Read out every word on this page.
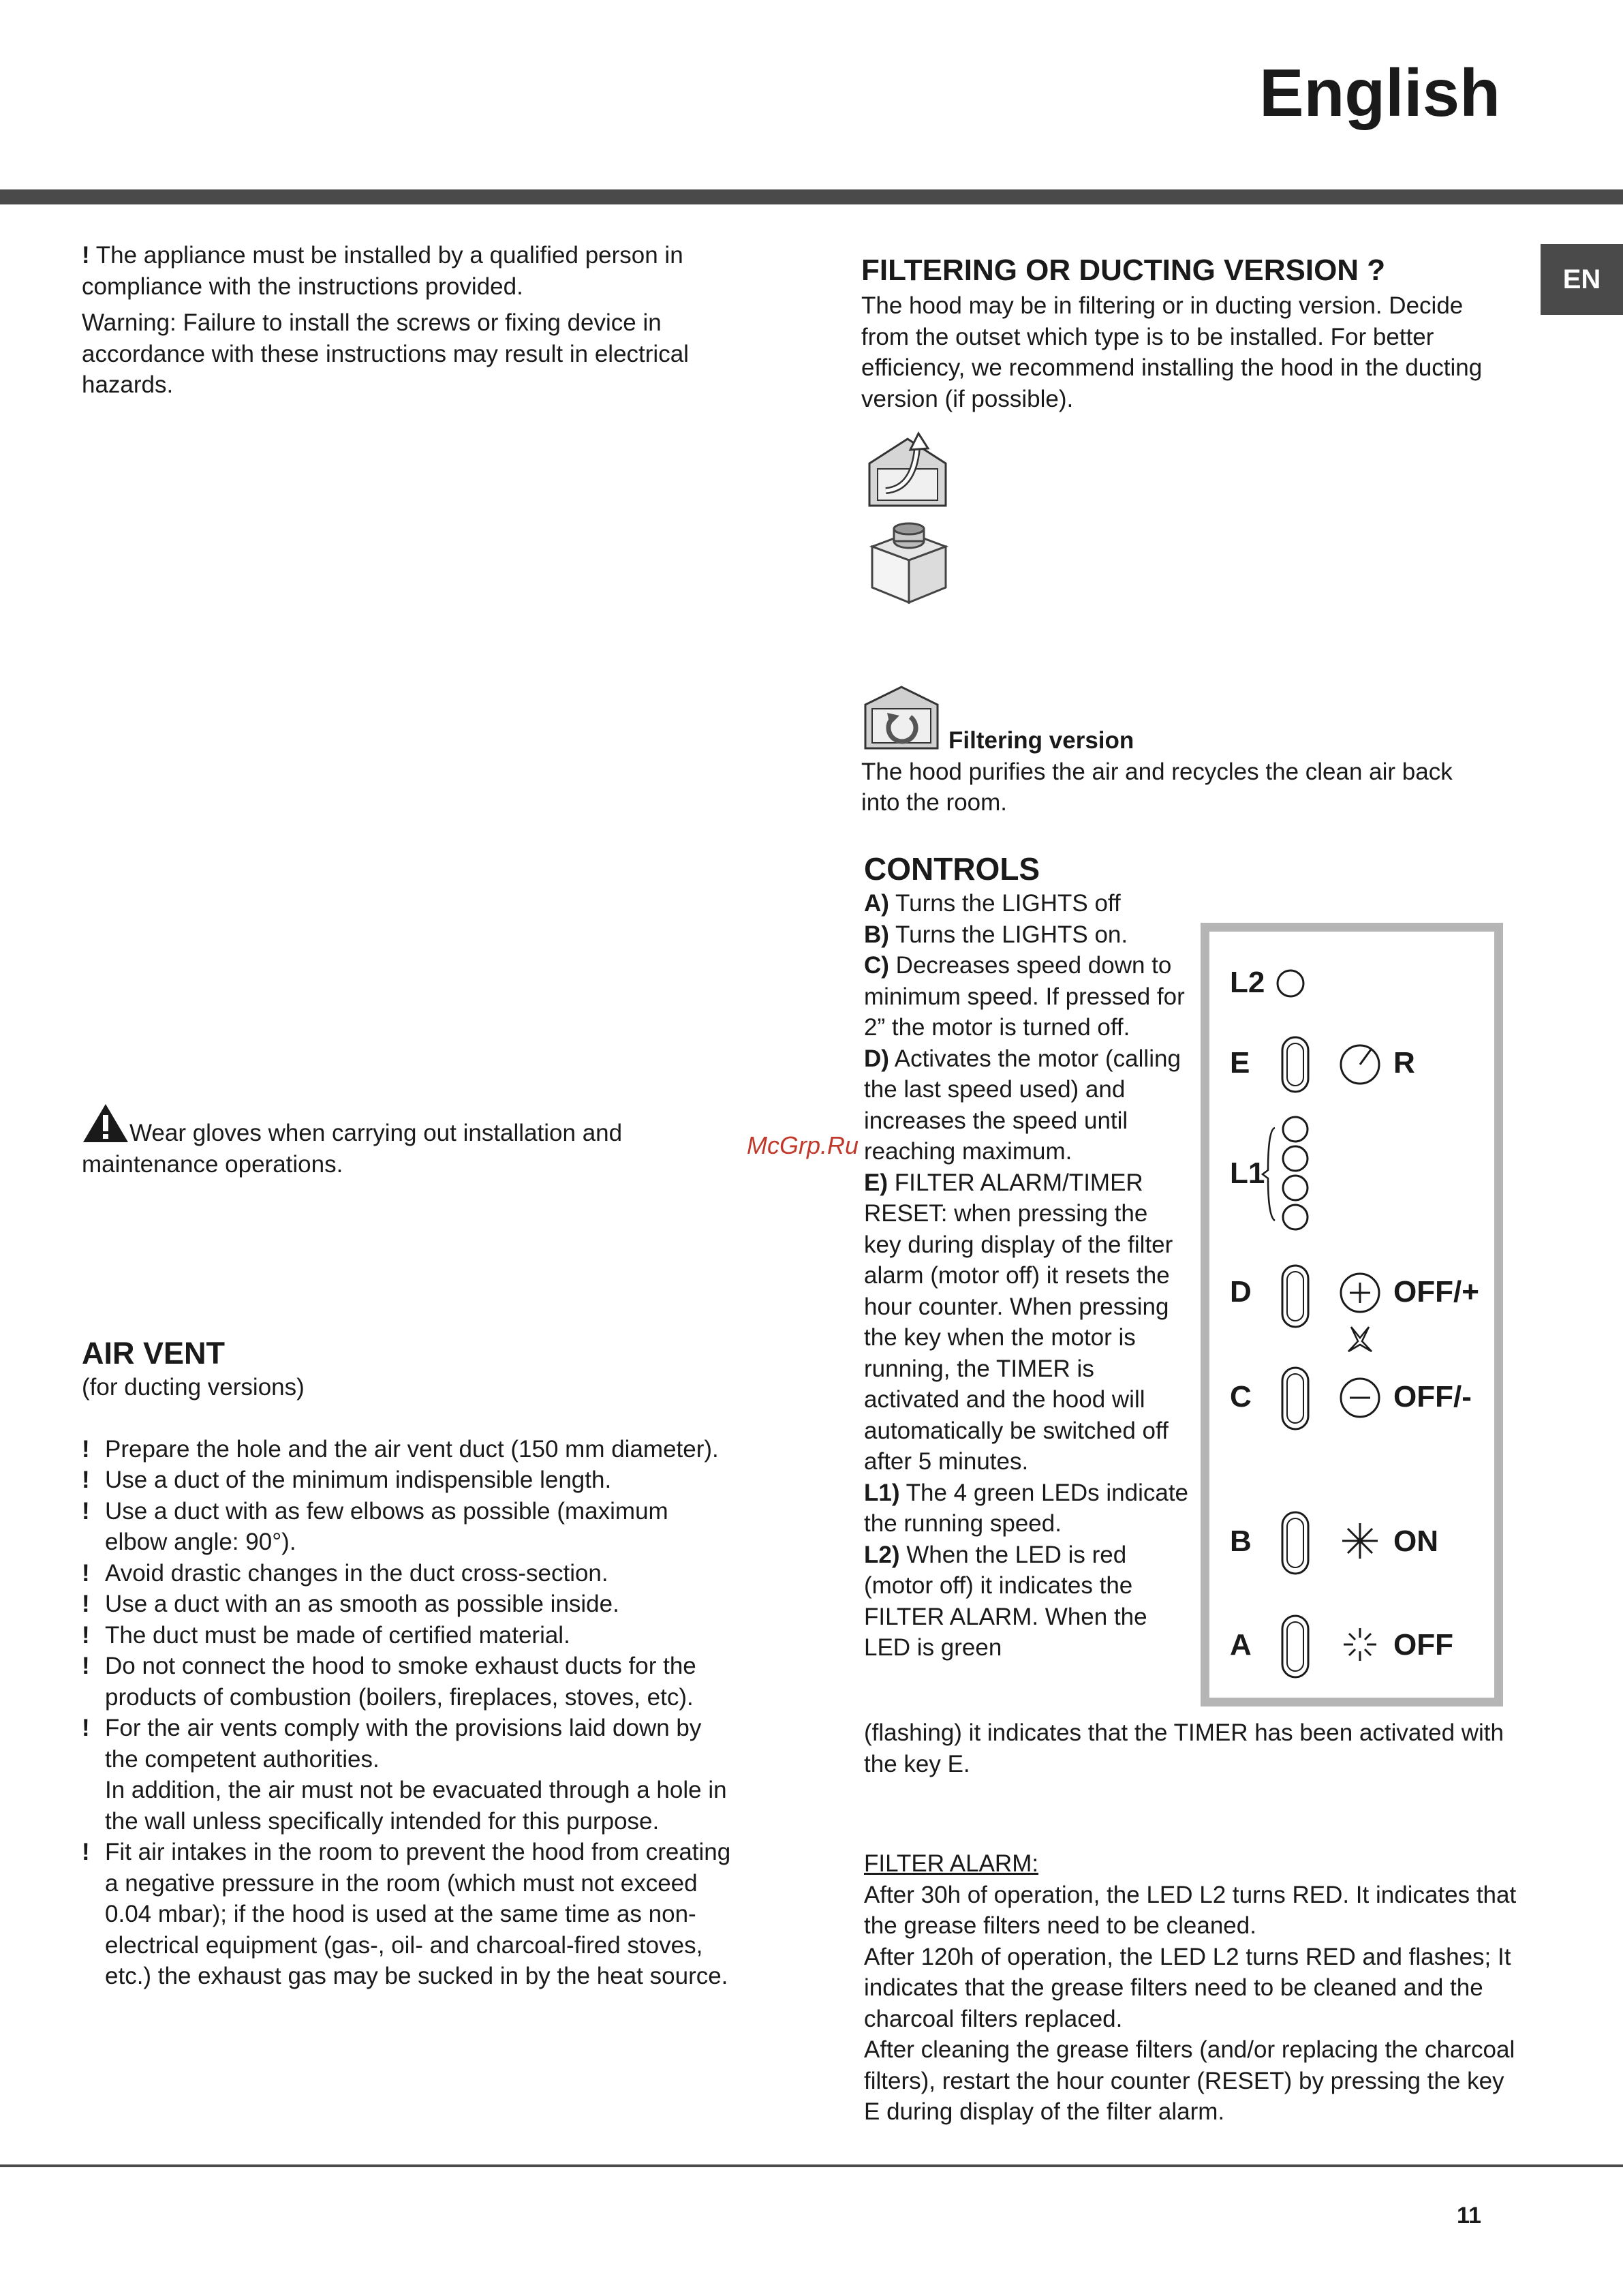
English
EN

! The appliance must be installed by a qualified person in compliance with the instructions provided.

Warning: Failure to install the screws or fixing device in accordance with these instructions may result in electrical hazards.

Wear gloves when carrying out installation and maintenance operations.
AIR VENT
(for ducting versions)
! Prepare the hole and the air vent duct (150 mm diameter).
! Use a duct of the minimum indispensible length.
! Use a duct with as few elbows as possible (maximum elbow angle: 90°).
! Avoid drastic changes in the duct cross-section.
! Use a duct with an as smooth as possible inside.
! The duct must be made of certified material.
! Do not connect the hood to smoke exhaust ducts for the products of combustion (boilers, fireplaces, stoves, etc).
! For the air vents comply with the provisions laid down by the competent authorities.
In addition, the air must not be evacuated through a hole in the wall unless specifically intended for this purpose.
! Fit air intakes in the room to prevent the hood from creating a negative pressure in the room (which must not exceed 0.04 mbar); if the hood is used at the same time as non-electrical equipment (gas-, oil- and charcoal-fired stoves, etc.) the exhaust gas may be sucked in by the heat source.
FILTERING OR DUCTING VERSION ?

The hood may be in filtering or in ducting version. Decide from the outset which type is to be installed. For better efficiency, we recommend installing the hood in the ducting version (if possible).

Filtering version
The hood purifies the air and recycles the clean air back into the room.
CONTROLS
A) Turns the LIGHTS off
B) Turns the LIGHTS on.
C) Decreases speed down to minimum speed. If pressed for 2” the motor is turned off.
D) Activates the motor (calling the last speed used) and increases the speed until reaching maximum.
E) FILTER ALARM/TIMER RESET: when pressing the key during display of the filter alarm (motor off) it resets the hour counter. When pressing the key when the motor is running, the TIMER is activated and the hood will automatically be switched off after 5 minutes.
L1) The 4 green LEDs indicate the running speed.
L2) When the LED is red (motor off) it indicates the FILTER ALARM. When the LED is green
(flashing) it indicates that the TIMER has been activated with the key E.
L2
E	R
L1
D	OFF/+
C	OFF/-
B	ON
A	OFF
FILTER ALARM:
After 30h of operation, the LED L2 turns RED. It indicates that the grease filters need to be cleaned.
After 120h of operation, the LED L2 turns RED and flashes; It indicates that the grease filters need to be cleaned and the charcoal filters replaced.
After cleaning the grease filters (and/or replacing the charcoal filters), restart the hour counter (RESET) by pressing the key E during display of the filter alarm.
McGrp.Ru
11
